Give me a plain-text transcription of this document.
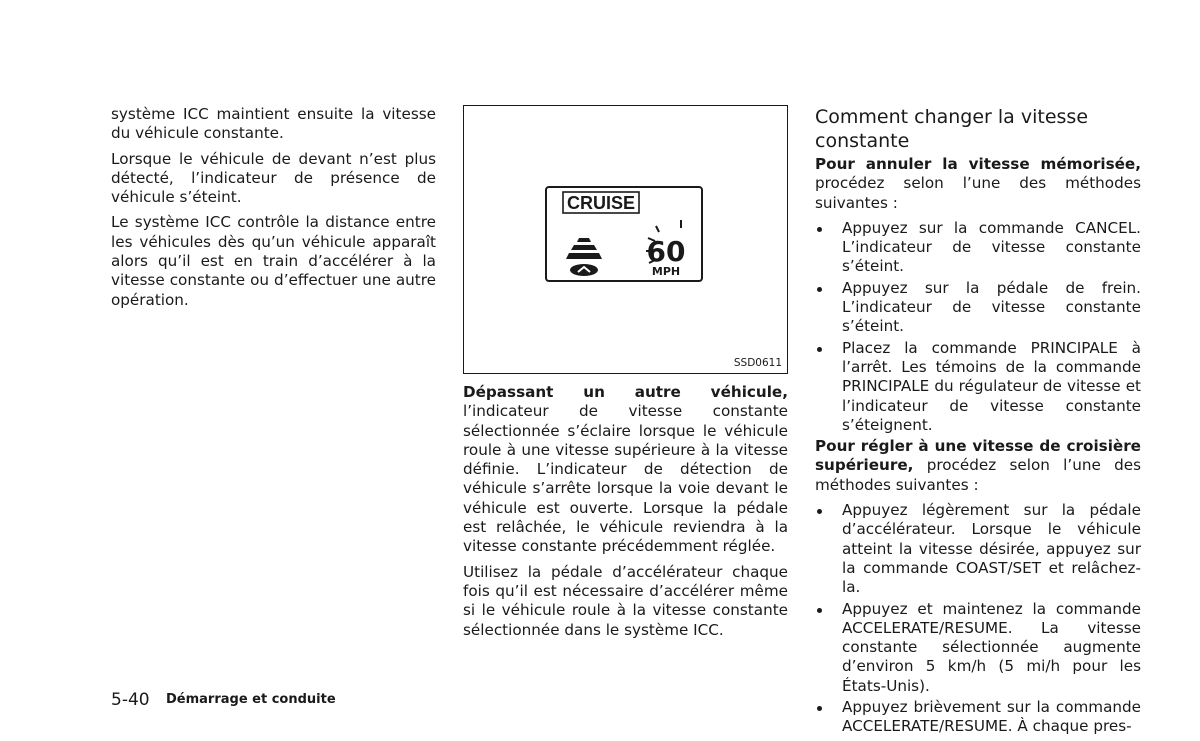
système ICC maintient ensuite la vitesse du véhicule constante.

Lorsque le véhicule de devant n’est plus détecté, l’indicateur de présence de véhicule s’éteint.

Le système ICC contrôle la distance entre les véhicules dès qu’un véhicule apparaît alors qu’il est en train d’accélérer à la vitesse constante ou d’effectuer une autre opération.

CRUISE
60
MPH
SSD0611

Dépassant un autre véhicule, l’indicateur de vitesse constante sélectionnée s’éclaire lorsque le véhicule roule à une vitesse supérieure à la vitesse définie. L’indicateur de détection de véhicule s’arrête lorsque la voie devant le véhicule est ouverte. Lorsque la pédale est relâchée, le véhicule reviendra à la vitesse constante précédemment réglée.

Utilisez la pédale d’accélérateur chaque fois qu’il est nécessaire d’accélérer même si le véhicule roule à la vitesse constante sélectionnée dans le système ICC.

Comment changer la vitesse constante

Pour annuler la vitesse mémorisée, procédez selon l’une des méthodes suivantes :

Appuyez sur la commande CANCEL. L’indicateur de vitesse constante s’éteint.
Appuyez sur la pédale de frein. L’indicateur de vitesse constante s’éteint.
Placez la commande PRINCIPALE à l’arrêt. Les témoins de la commande PRINCIPALE du régulateur de vitesse et l’indicateur de vitesse constante s’éteignent.

Pour régler à une vitesse de croisière supérieure, procédez selon l’une des méthodes suivantes :

Appuyez légèrement sur la pédale d’accélérateur. Lorsque le véhicule atteint la vitesse désirée, appuyez sur la commande COAST/SET et relâchez-la.
Appuyez et maintenez la commande ACCELERATE/RESUME. La vitesse constante sélectionnée augmente d’environ 5 km/h (5 mi/h pour les États-Unis).
Appuyez brièvement sur la commande ACCELERATE/RESUME. À chaque pres-
5-40 Démarrage et conduite
